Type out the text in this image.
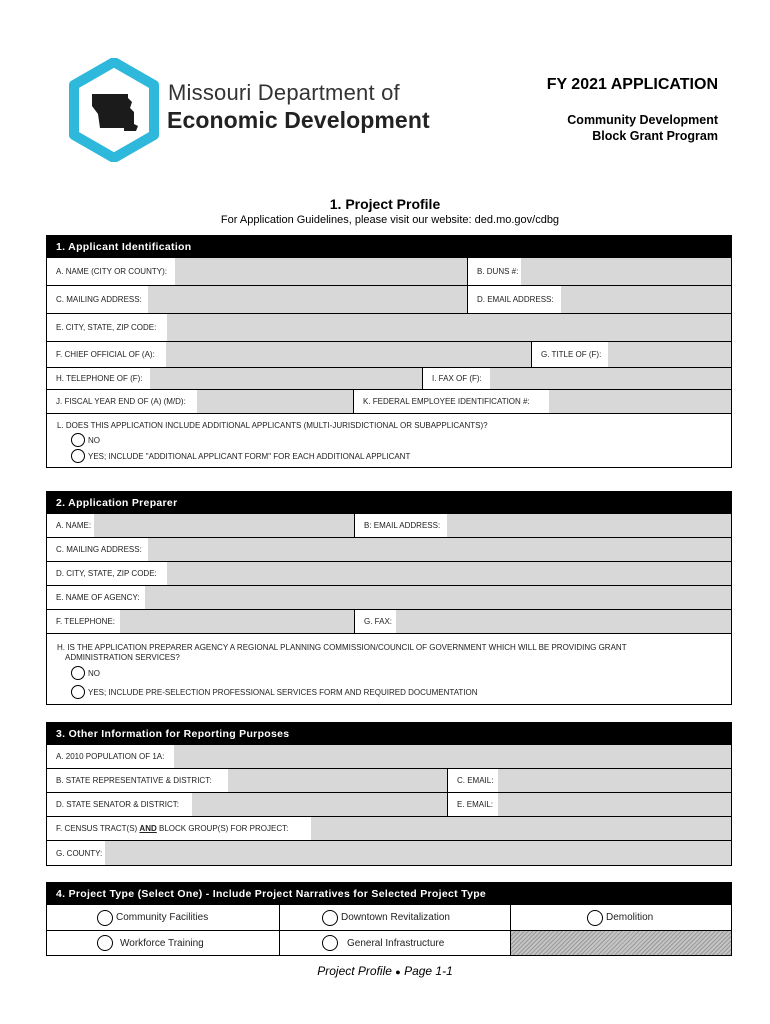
Missouri Department of
Economic Development
FY 2021 APPLICATION
Community Development
Block Grant Program
1. Project Profile
For Application Guidelines, please visit our website: ded.mo.gov/cdbg
1. Applicant Identification
A. NAME (CITY OR COUNTY):	B. DUNS #:
C. MAILING ADDRESS:	D. EMAIL ADDRESS:
E. CITY, STATE, ZIP CODE:
F. CHIEF OFFICIAL OF (A):	G. TITLE OF (F):
H. TELEPHONE OF (F):	I. FAX OF (F):
J. FISCAL YEAR END OF (A) (M/D):	K. FEDERAL EMPLOYEE IDENTIFICATION #:
L. DOES THIS APPLICATION INCLUDE ADDITIONAL APPLICANTS (MULTI-JURISDICTIONAL OR SUBAPPLICANTS)?
NO
YES; INCLUDE "ADDITIONAL APPLICANT FORM" FOR EACH ADDITIONAL APPLICANT
2. Application Preparer
A. NAME:	B: EMAIL ADDRESS:
C. MAILING ADDRESS:
D. CITY, STATE, ZIP CODE:
E. NAME OF AGENCY:
F. TELEPHONE:	G. FAX:
H. IS THE APPLICATION PREPARER AGENCY A REGIONAL PLANNING COMMISSION/COUNCIL OF GOVERNMENT WHICH WILL BE PROVIDING GRANT
ADMINISTRATION SERVICES?
NO
YES; INCLUDE PRE-SELECTION PROFESSIONAL SERVICES FORM AND REQUIRED DOCUMENTATION
3. Other Information for Reporting Purposes
A. 2010 POPULATION OF 1A:
B. STATE REPRESENTATIVE & DISTRICT:	C. EMAIL:
D. STATE SENATOR & DISTRICT:	E. EMAIL:
F. CENSUS TRACT(S) AND BLOCK GROUP(S) FOR PROJECT:
G. COUNTY:
4. Project Type (Select One) - Include Project Narratives for Selected Project Type
Community Facilities	Downtown Revitalization	Demolition
Workforce Training	General Infrastructure
Project Profile ● Page 1-1
